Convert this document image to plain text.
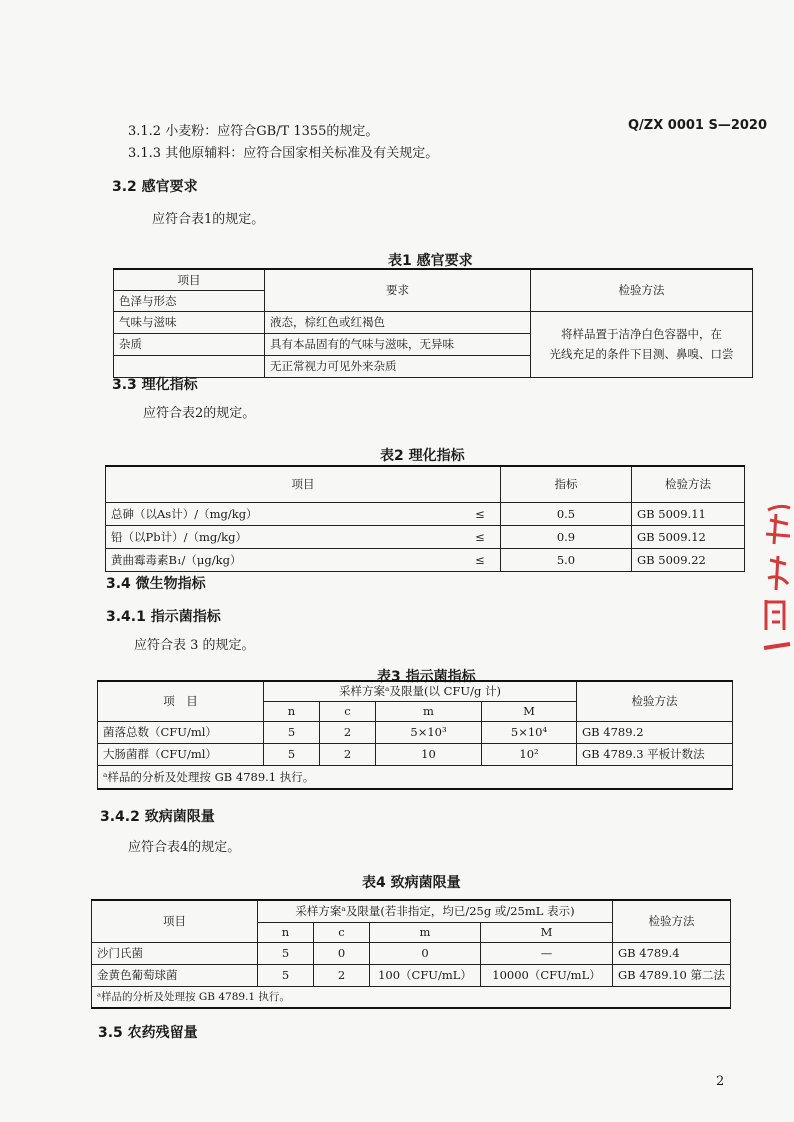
Q/ZX 0001 S—2020
3.1.2 小麦粉：应符合GB/T 1355的规定。
3.1.3 其他原辅料：应符合国家相关标准及有关规定。
3.2 感官要求
应符合表1的规定。
表1 感官要求
项目	要求	检验方法
色泽与形态		
气味与滋味	液态，棕红色或红褐色	将样品置于洁净白色容器中，在
光线充足的条件下目测、鼻嗅、口尝
杂质	具有本品固有的气味与滋味，无异味	
	无正常视力可见外来杂质	
3.3 理化指标
应符合表2的规定。
表2 理化指标
项目		指标	检验方法
总砷（以As计）/（mg/kg）	≤	0.5	GB 5009.11
铅（以Pb计）/（mg/kg）	≤	0.9	GB 5009.12
黄曲霉毒素B₁/（μg/kg）	≤	5.0	GB 5009.22
3.4 微生物指标
3.4.1 指示菌指标
应符合表 3 的规定。
表3 指示菌指标
项　目	采样方案ᵃ及限量(以 CFU/g 计)				检验方法
	n	c	m	M	
菌落总数（CFU/ml）	5	2	5×10³	5×10⁴	GB 4789.2
大肠菌群（CFU/ml）	5	2	10	10²	GB 4789.3 平板计数法
ᵃ样品的分析及处理按 GB 4789.1 执行。					
3.4.2 致病菌限量
应符合表4的规定。
表4 致病菌限量
项目	采样方案ᵃ及限量(若非指定，均已/25g 或/25mL 表示)				检验方法
	n	c	m	M	
沙门氏菌	5	0	0	—	GB 4789.4
金黄色葡萄球菌	5	2	100（CFU/mL）	10000（CFU/mL）	GB 4789.10 第二法
ᵃ样品的分析及处理按 GB 4789.1 执行。					
3.5 农药残留量
2
